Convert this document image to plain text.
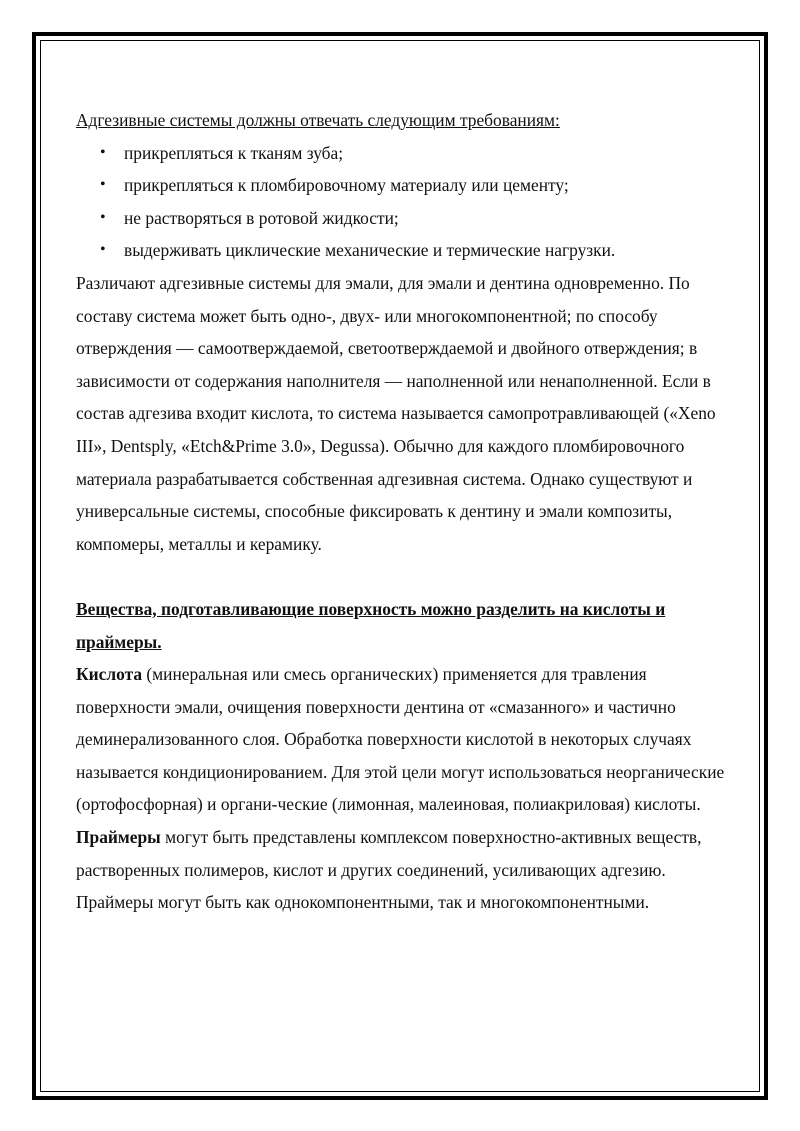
Адгезивные системы должны отвечать следующим требованиям:

• прикрепляться к тканям зуба;
• прикрепляться к пломбировочному материалу или цементу;
• не растворяться в ротовой жидкости;
• выдерживать циклические механические и термические нагрузки.

Различают адгезивные системы для эмали, для эмали и дентина одновременно. По составу система может быть одно-, двух- или многокомпонентной; по способу отверждения — самоотверждаемой, светоотверждаемой и двойного отверждения; в зависимости от содержания наполнителя — наполненной или ненаполненной. Если в состав адгезива входит кислота, то система называется самопротравливающей («Xeno III», Dentsply, «Etch&Prime 3.0», Degussa). Обычно для каждого пломбировочного материала разрабатывается собственная адгезивная система. Однако существуют и универсальные системы, способные фиксировать к дентину и эмали композиты, компомеры, металлы и керамику.

Вещества, подготавливающие поверхность можно разделить на кислоты и праймеры.

Кислота (минеральная или смесь органических) применяется для травления поверхности эмали, очищения поверхности дентина от «смазанного» и частично деминерализованного слоя. Обработка поверхности кислотой в некоторых случаях называется кондиционированием. Для этой цели могут использоваться неорганические (ортофосфорная) и органи-ческие (лимонная, малеиновая, полиакриловая) кислоты.

Праймеры могут быть представлены комплексом поверхностно-активных веществ, растворенных полимеров, кислот и других соединений, усиливающих адгезию. Праймеры могут быть как однокомпонентными, так и многокомпонентными.
